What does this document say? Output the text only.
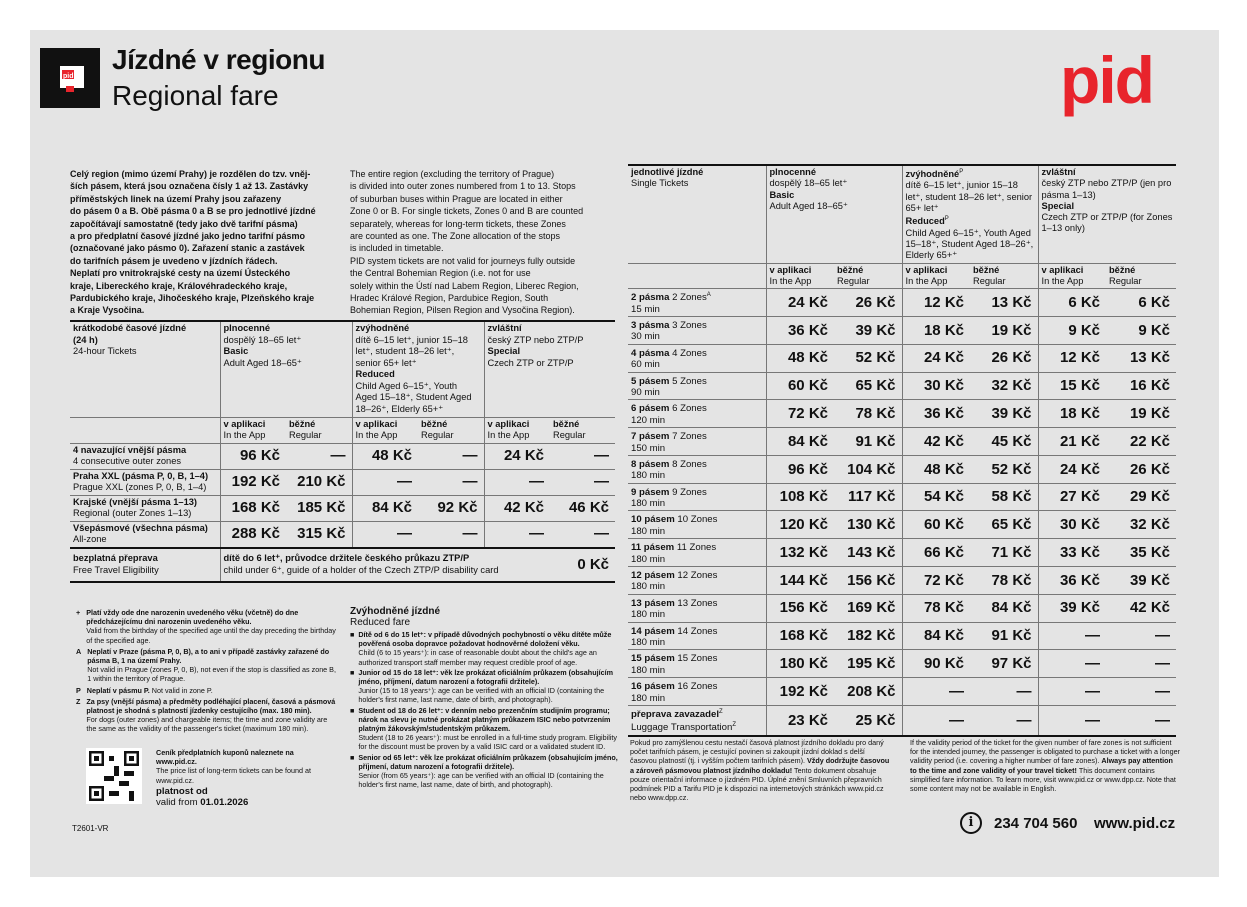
pid
Jízdné v regionu
Regional fare	pid
Celý region (mimo území Prahy) je rozdělen do tzv. vněj-
ších pásem, která jsou označena čísly 1 až 13. Zastávky
příměstských linek na území Prahy jsou zařazeny
do pásem 0 a B. Obě pásma 0 a B se pro jednotlivé jízdné
započítávají samostatně (tedy jako dvě tarifní pásma)
a pro předplatní časové jízdné jako jedno tarifní pásmo
(označované jako pásmo 0). Zařazení stanic a zastávek
do tarifních pásem je uvedeno v jízdních řádech.
Neplatí pro vnitrokrajské cesty na území Ústeckého
kraje, Libereckého kraje, Královéhradeckého kraje,
Pardubického kraje, Jihočeského kraje, Plzeňského kraje
a Kraje Vysočina.
The entire region (excluding the territory of Prague)
is divided into outer zones numbered from 1 to 13. Stops
of suburban buses within Prague are located in either
Zone 0 or B. For single tickets, Zones 0 and B are counted
separately, whereas for long-term tickets, these Zones
are counted as one. The Zone allocation of the stops
is included in timetable.
PID system tickets are not valid for journeys fully outside
the Central Bohemian Region (i.e. not for use
solely within the Ústí nad Labem Region, Liberec Region,
Hradec Králové Region, Pardubice Region, South
Bohemian Region, Pilsen Region and Vysočina Region).
krátkodobé časové jízdné
(24 h)
24-hour Tickets	plnocenné
dospělý 18–65 let⁺
Basic
Adult Aged 18–65⁺		zvýhodněné
dítě 6–15 let⁺, junior 15–18 let⁺, student 18–26 let⁺, senior 65+ let⁺
Reduced
Child Aged 6–15⁺, Youth Aged 15–18⁺, Student Aged 18–26⁺, Elderly 65+⁺		zvláštní
český ZTP nebo ZTP/P
Special
Czech ZTP or ZTP/P	
	v aplikaci
In the App	běžné
Regular	v aplikaci
In the App	běžné
Regular	v aplikaci
In the App	běžné
Regular
4 navazující vnější pásma
4 consecutive outer zones	96 Kč	—	48 Kč	—	24 Kč	—
Praha XXL (pásma P, 0, B, 1–4)
Prague XXL (zones P, 0, B, 1–4)	192 Kč	210 Kč	—	—	—	—
Krajské (vnější pásma 1–13)
Regional (outer Zones 1–13)	168 Kč	185 Kč	84 Kč	92 Kč	42 Kč	46 Kč
Všepásmové (všechna pásma)
All-zone	288 Kč	315 Kč	—	—	—	—
bezplatná přeprava
Free Travel Eligibility	dítě do 6 let⁺, průvodce držitele českého průkazu ZTP/P
child under 6⁺, guide of a holder of the Czech ZTP/P disability card					0 Kč

jednotlivé jízdné
Single Tickets	plnocenné
dospělý 18–65 let⁺
Basic
Adult Aged 18–65⁺		zvýhodněné$^P$
dítě 6–15 let⁺, junior 15–18 let⁺, student 18–26 let⁺, senior 65+ let⁺
Reduced$^P$
Child Aged 6–15⁺, Youth Aged 15–18⁺, Student Aged 18–26⁺, Elderly 65+⁺		zvláštní
český ZTP nebo ZTP/P (jen pro pásma 1–13)
Special
Czech ZTP or ZTP/P (for Zones 1–13 only)	
	v aplikaci
In the App	běžné
Regular	v aplikaci
In the App	běžné
Regular	v aplikaci
In the App	běžné
Regular
2 pásma 2 Zones$^A$
15 min	24 Kč	26 Kč	12 Kč	13 Kč	6 Kč	6 Kč
3 pásma 3 Zones
30 min	36 Kč	39 Kč	18 Kč	19 Kč	9 Kč	9 Kč
4 pásma 4 Zones
60 min	48 Kč	52 Kč	24 Kč	26 Kč	12 Kč	13 Kč
5 pásem 5 Zones
90 min	60 Kč	65 Kč	30 Kč	32 Kč	15 Kč	16 Kč
6 pásem 6 Zones
120 min	72 Kč	78 Kč	36 Kč	39 Kč	18 Kč	19 Kč
7 pásem 7 Zones
150 min	84 Kč	91 Kč	42 Kč	45 Kč	21 Kč	22 Kč
8 pásem 8 Zones
180 min	96 Kč	104 Kč	48 Kč	52 Kč	24 Kč	26 Kč
9 pásem 9 Zones
180 min	108 Kč	117 Kč	54 Kč	58 Kč	27 Kč	29 Kč
10 pásem 10 Zones
180 min	120 Kč	130 Kč	60 Kč	65 Kč	30 Kč	32 Kč
11 pásem 11 Zones
180 min	132 Kč	143 Kč	66 Kč	71 Kč	33 Kč	35 Kč
12 pásem 12 Zones
180 min	144 Kč	156 Kč	72 Kč	78 Kč	36 Kč	39 Kč
13 pásem 13 Zones
180 min	156 Kč	169 Kč	78 Kč	84 Kč	39 Kč	42 Kč
14 pásem 14 Zones
180 min	168 Kč	182 Kč	84 Kč	91 Kč	—	—
15 pásem 15 Zones
180 min	180 Kč	195 Kč	90 Kč	97 Kč	—	—
16 pásem 16 Zones
180 min	192 Kč	208 Kč	—	—	—	—
přeprava zavazadel$^Z$
Luggage Transportation$^Z$	23 Kč	25 Kč	—	—	—	—

+ Platí vždy ode dne narozenin uvedeného věku (včetně) do dne předcházejícímu dni narozenin uvedeného věku.
Valid from the birthday of the specified age until the day preceding the birthday of the specified age.
A Neplatí v Praze (pásma P, 0, B), a to ani v případě zastávky zařazené do pásma B, 1 na území Prahy.
Not valid in Prague (zones P, 0, B), not even if the stop is classified as zone B, 1 within the territory of Prague.
P Neplatí v pásmu P. Not valid in zone P.
Z Za psy (vnější pásma) a předměty podléhající placení, časová a pásmová platnost je shodná s platností jízdenky cestujícího (max. 180 min).
For dogs (outer zones) and chargeable items; the time and zone validity are the same as the validity of the passenger's ticket (maximum 180 min).
Ceník předplatních kuponů naleznete na www.pid.cz.
The price list of long-term tickets can be found at www.pid.cz.
platnost od
valid from 01.01.2026
T2601-VR
Zvýhodněné jízdné
Reduced fare
■ Dítě od 6 do 15 let⁺: v případě důvodných pochybností o věku dítěte může pověřená osoba dopravce požadovat hodnověrné doložení věku.
Child (6 to 15 years⁺): in case of reasonable doubt about the child's age an authorized transport staff member may request credible proof of age.
■ Junior od 15 do 18 let⁺: věk lze prokázat oficiálním průkazem (obsahujícím jméno, příjmení, datum narození a fotografii držitele).
Junior (15 to 18 years⁺): age can be verified with an official ID (containing the holder's first name, last name, date of birth, and photograph).
■ Student od 18 do 26 let⁺: v denním nebo prezenčním studijním programu; nárok na slevu je nutné prokázat platným průkazem ISIC nebo potvrzením platným žákovským/studentským průkazem.
Student (18 to 26 years⁺): must be enrolled in a full-time study program. Eligibility for the discount must be proven by a valid ISIC card or a validated student ID.
■ Senior od 65 let⁺: věk lze prokázat oficiálním průkazem (obsahujícím jméno, příjmení, datum narození a fotografii držitele).
Senior (from 65 years⁺): age can be verified with an official ID (containing the holder's first name, last name, date of birth, and photograph).
Pokud pro zamýšlenou cestu nestačí časová platnost jízdního dokladu pro daný počet tarifních pásem, je cestující povinen si zakoupit jízdní doklad s delší časovou platností (tj. i vyšším počtem tarifních pásem). Vždy dodržujte časovou a zároveň pásmovou platnost jízdního dokladu! Tento dokument obsahuje pouze orientační informace o jízdném PID. Úplné znění Smluvních přepravních podmínek PID a Tarifu PID je k dispozici na internetových stránkách www.pid.cz nebo www.dpp.cz.
If the validity period of the ticket for the given number of fare zones is not sufficient for the intended journey, the passenger is obligated to purchase a ticket with a longer validity period (i.e. covering a higher number of fare zones). Always pay attention to the time and zone validity of your travel ticket! This document contains simplified fare information. To learn more, visit www.pid.cz or www.dpp.cz. Note that some content may not be available in English.
i	234 704 560 www.pid.cz
